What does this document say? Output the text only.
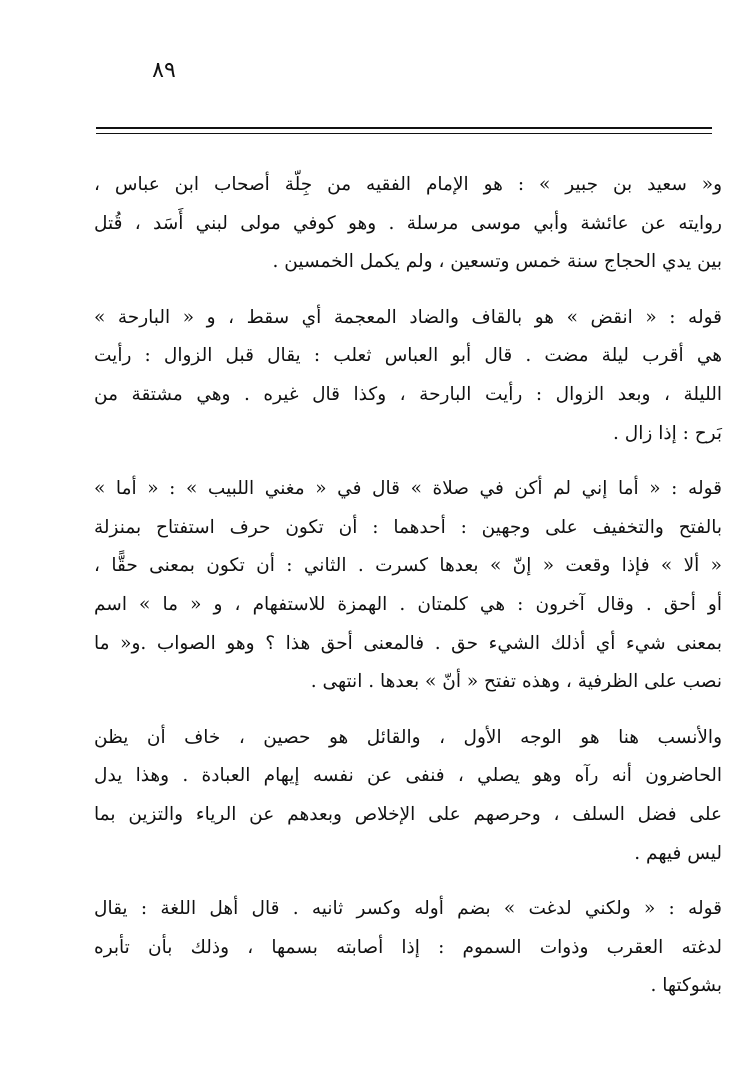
٨٩

و« سعيد بن جبير » : هو الإمام الفقيه من جِلّة أصحاب ابن عباس ،
روايته عن عائشة وأبي موسى مرسلة . وهو كوفي مولى لبني أَسَد ، قُتل
بين يدي الحجاج سنة خمس وتسعين ، ولم يكمل الخمسين .

قوله : « انقض » هو بالقاف والضاد المعجمة أي سقط ، و « البارحة »
هي أقرب ليلة مضت . قال أبو العباس ثعلب : يقال قبل الزوال : رأيت
الليلة ، وبعد الزوال : رأيت البارحة ، وكذا قال غيره . وهي مشتقة من
بَرح : إذا زال .

قوله : « أما إني لم أكن في صلاة » قال في « مغني اللبيب » : « أما »
بالفتح والتخفيف على وجهين : أحدهما : أن تكون حرف استفتاح بمنزلة
« ألا » فإذا وقعت « إنّ » بعدها كسرت . الثاني : أن تكون بمعنى حقًّا ،
أو أحق . وقال آخرون : هي كلمتان . الهمزة للاستفهام ، و « ما » اسم
بمعنى شيء أي أذلك الشيء حق . فالمعنى أحق هذا ؟ وهو الصواب .و« ما
نصب على الظرفية ، وهذه تفتح « أنّ » بعدها . انتهى .

والأنسب هنا هو الوجه الأول ، والقائل هو حصين ، خاف أن يظن
الحاضرون أنه رآه وهو يصلي ، فنفى عن نفسه إيهام العبادة . وهذا يدل
على فضل السلف ، وحرصهم على الإخلاص وبعدهم عن الرياء والتزين بما
ليس فيهم .

قوله : « ولكني لدغت » بضم أوله وكسر ثانيه . قال أهل اللغة : يقال
لدغته العقرب وذوات السموم : إذا أصابته بسمها ، وذلك بأن تأبره
بشوكتها .
